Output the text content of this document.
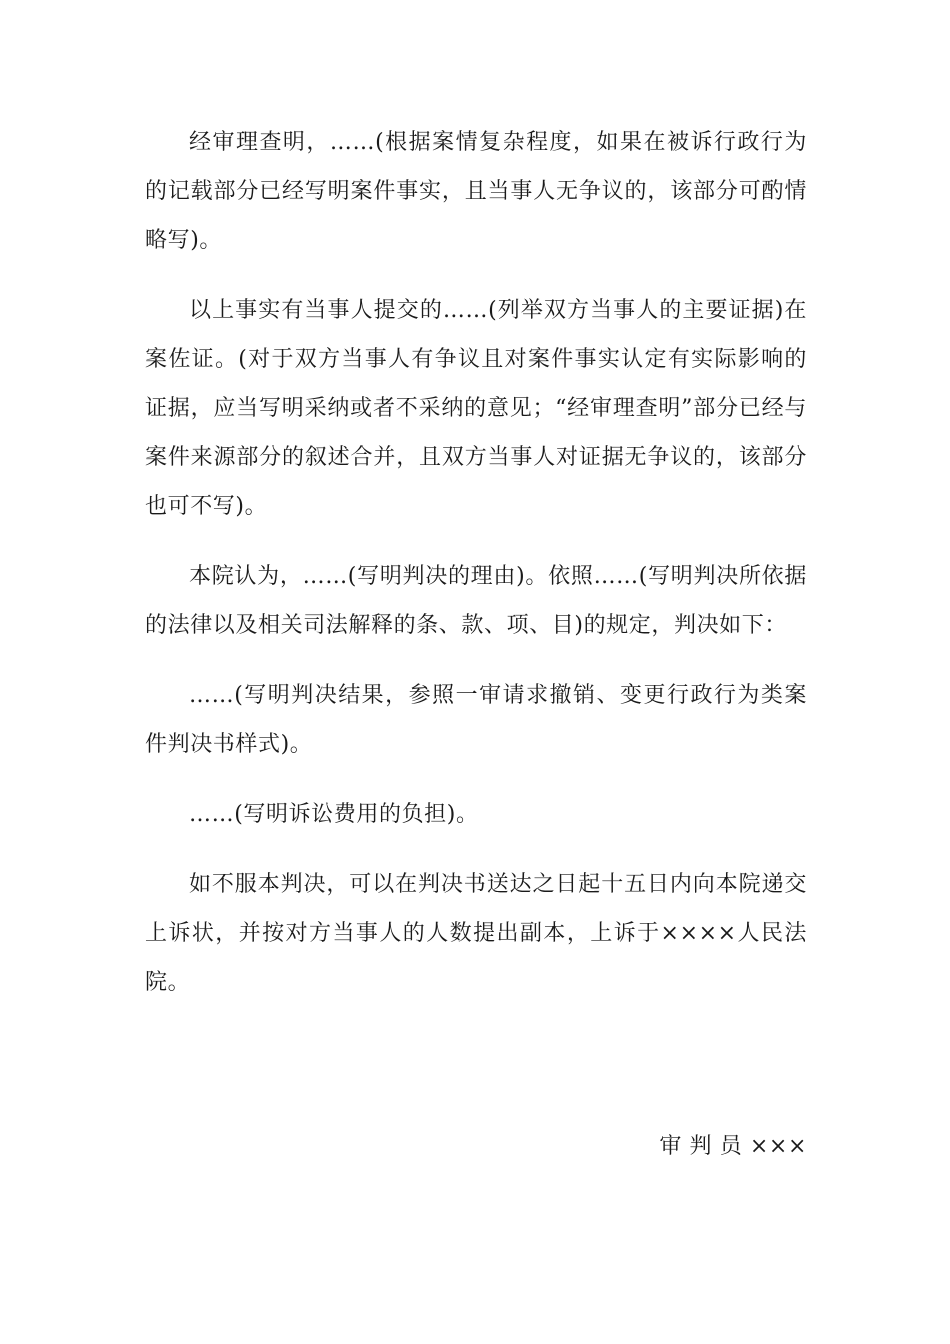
经审理查明，……(根据案情复杂程度，如果在被诉行政行为的记载部分已经写明案件事实，且当事人无争议的，该部分可酌情略写)。

以上事实有当事人提交的……(列举双方当事人的主要证据)在案佐证。(对于双方当事人有争议且对案件事实认定有实际影响的证据，应当写明采纳或者不采纳的意见；“经审理查明”部分已经与案件来源部分的叙述合并，且双方当事人对证据无争议的，该部分也可不写)。

本院认为，……(写明判决的理由)。依照……(写明判决所依据的法律以及相关司法解释的条、款、项、目)的规定，判决如下：

……(写明判决结果，参照一审请求撤销、变更行政行为类案件判决书样式)。

……(写明诉讼费用的负担)。

如不服本判决，可以在判决书送达之日起十五日内向本院递交上诉状，并按对方当事人的人数提出副本，上诉于××××人民法院。

审 判 员 ×××
